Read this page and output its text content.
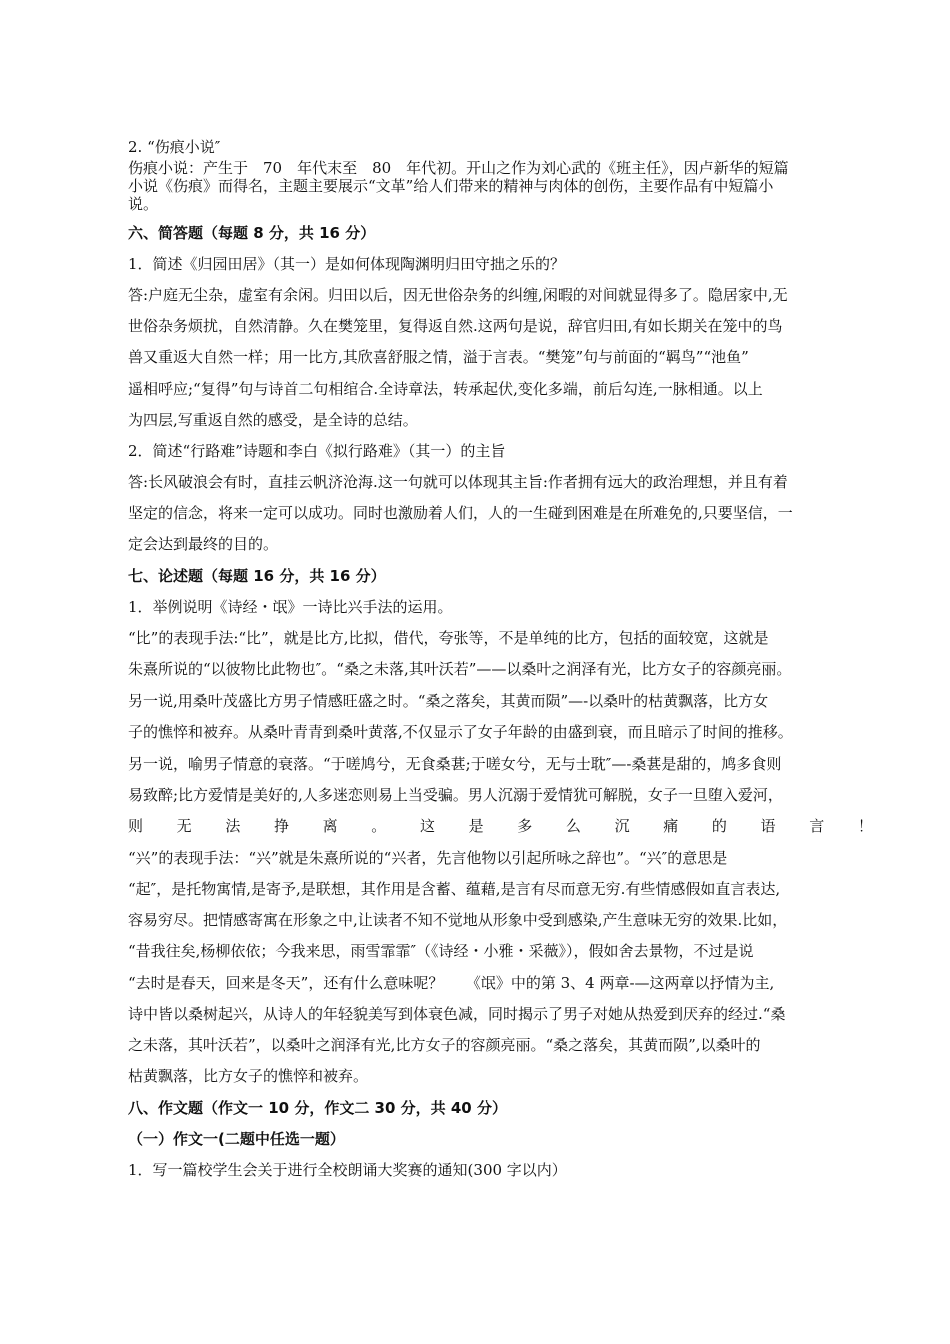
2. “伤痕小说″

伤痕小说：产生于　70　年代末至　80　年代初。开山之作为刘心武的《班主任》，因卢新华的短篇

小说《伤痕》而得名，主题主要展示“文革”给人们带来的精神与肉体的创伤，主要作品有中短篇小

说。

六、简答题（每题 8 分，共 16 分）

1．简述《归园田居》（其一）是如何体现陶渊明归田守拙之乐的？

答:户庭无尘杂，虚室有余闲。归田以后，因无世俗杂务的纠缠,闲暇的对间就显得多了。隐居家中,无

世俗杂务烦扰，自然清静。久在樊笼里，复得返自然.这两句是说，辞官归田,有如长期关在笼中的鸟

兽又重返大自然一样；用一比方,其欣喜舒服之情，溢于言表。“樊笼”句与前面的“羁鸟”“池鱼”

遥相呼应;“复得”句与诗首二句相绾合.全诗章法，转承起伏,变化多端，前后勾连,一脉相通。以上

为四层,写重返自然的感受，是全诗的总结。

2．简述“行路难”诗题和李白《拟行路难》（其一）的主旨

答:长风破浪会有时，直挂云帆济沧海.这一句就可以体现其主旨:作者拥有远大的政治理想，并且有着

坚定的信念，将来一定可以成功。同时也激励着人们，人的一生碰到困难是在所难免的,只要坚信，一

定会达到最终的目的。

七、论述题（每题 16 分，共 16 分）

1．举例说明《诗经・氓》一诗比兴手法的运用。

“比”的表现手法:“比”，就是比方,比拟，借代，夸张等，不是单纯的比方，包括的面较宽，这就是

朱熹所说的“以彼物比此物也″。“桑之未落,其叶沃若”——以桑叶之润泽有光，比方女子的容颜亮丽。

另一说,用桑叶茂盛比方男子情感旺盛之时。“桑之落矣，其黄而陨”—-以桑叶的枯黄飘落，比方女

子的憔悴和被弃。从桑叶青青到桑叶黄落,不仅显示了女子年龄的由盛到衰，而且暗示了时间的推移。

另一说，喻男子情意的衰落。“于嗟鸠兮，无食桑葚;于嗟女兮，无与士耽″—-桑葚是甜的，鸠多食则

易致醉;比方爱情是美好的,人多迷恋则易上当受骗。男人沉溺于爱情犹可解脱，女子一旦堕入爱河，

则 无 法 挣 离 。 这 是 多 么 沉 痛 的 语 言 ！

“兴”的表现手法：“兴”就是朱熹所说的“兴者，先言他物以引起所咏之辞也”。“兴″的意思是

“起″，是托物寓情,是寄予,是联想，其作用是含蓄、蕴藉,是言有尽而意无穷.有些情感假如直言表达,

容易穷尽。把情感寄寓在形象之中,让读者不知不觉地从形象中受到感染,产生意味无穷的效果.比如，

“昔我往矣,杨柳依依；今我来思，雨雪霏霏″（《诗经・小雅・采薇》），假如舍去景物，不过是说

“去时是春天，回来是冬天”，还有什么意味呢？　　《氓》中的第 3、4 两章-—这两章以抒情为主,

诗中皆以桑树起兴，从诗人的年轻貌美写到体衰色减，同时揭示了男子对她从热爱到厌弃的经过.“桑

之未落，其叶沃若”，以桑叶之润泽有光,比方女子的容颜亮丽。“桑之落矣，其黄而陨”,以桑叶的

枯黄飘落，比方女子的憔悴和被弃。

八、作文题（作文一 10 分，作文二 30 分，共 40 分）

（一）作文一(二题中任选一题）

1．写一篇校学生会关于进行全校朗诵大奖赛的通知(300 字以内）
